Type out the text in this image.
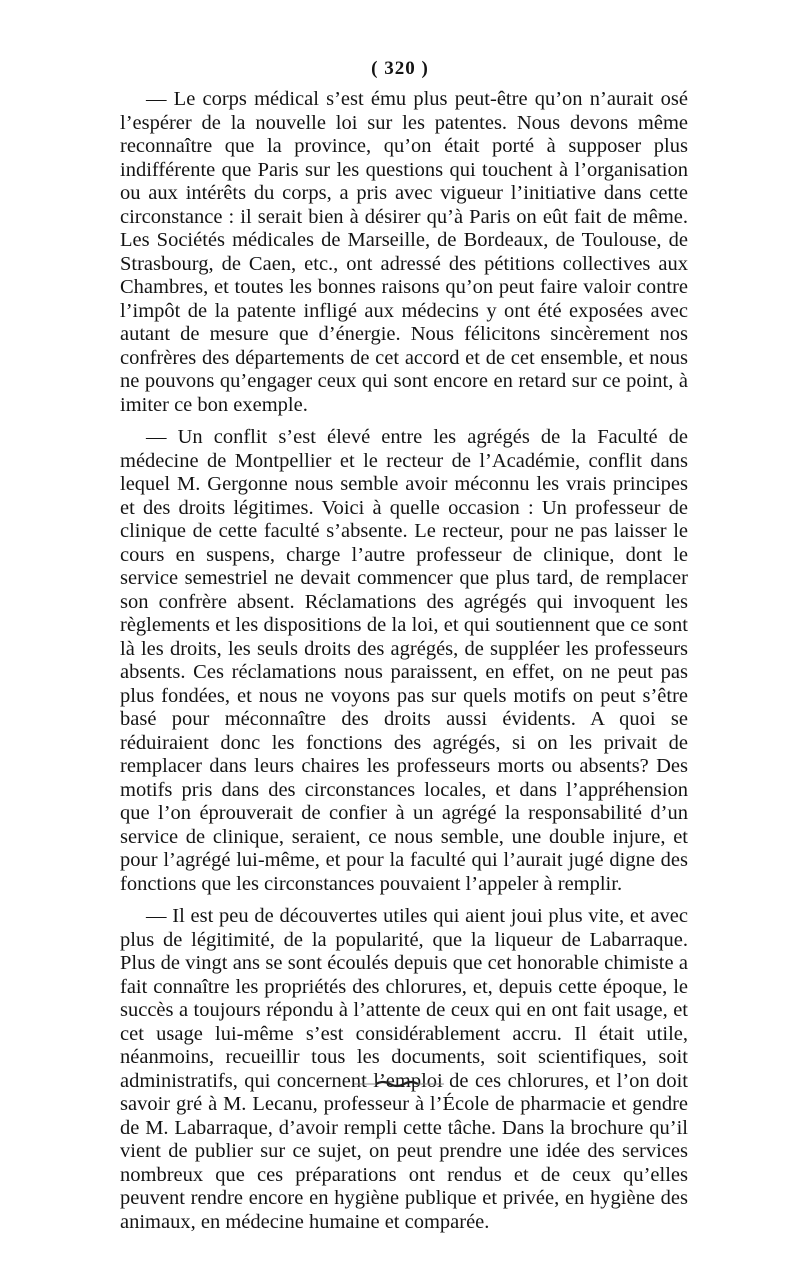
( 320 )

— Le corps médical s’est ému plus peut-être qu’on n’aurait osé l’espérer de la nouvelle loi sur les patentes. Nous devons même reconnaître que la province, qu’on était porté à supposer plus indifférente que Paris sur les questions qui touchent à l’organisation ou aux intérêts du corps, a pris avec vigueur l’initiative dans cette circonstance : il serait bien à désirer qu’à Paris on eût fait de même. Les Sociétés médicales de Marseille, de Bordeaux, de Toulouse, de Strasbourg, de Caen, etc., ont adressé des pétitions collectives aux Chambres, et toutes les bonnes raisons qu’on peut faire valoir contre l’impôt de la patente infligé aux médecins y ont été exposées avec autant de mesure que d’énergie. Nous félicitons sincèrement nos confrères des départements de cet accord et de cet ensemble, et nous ne pouvons qu’engager ceux qui sont encore en retard sur ce point, à imiter ce bon exemple.

— Un conflit s’est élevé entre les agrégés de la Faculté de médecine de Montpellier et le recteur de l’Académie, conflit dans lequel M. Gergonne nous semble avoir méconnu les vrais principes et des droits légitimes. Voici à quelle occasion : Un professeur de clinique de cette faculté s’absente. Le recteur, pour ne pas laisser le cours en suspens, charge l’autre professeur de clinique, dont le service semestriel ne devait commencer que plus tard, de remplacer son confrère absent. Réclamations des agrégés qui invoquent les règlements et les dispositions de la loi, et qui soutiennent que ce sont là les droits, les seuls droits des agrégés, de suppléer les professeurs absents. Ces réclamations nous paraissent, en effet, on ne peut pas plus fondées, et nous ne voyons pas sur quels motifs on peut s’être basé pour méconnaître des droits aussi évidents. A quoi se réduiraient donc les fonctions des agrégés, si on les privait de remplacer dans leurs chaires les professeurs morts ou absents? Des motifs pris dans des circonstances locales, et dans l’appréhension que l’on éprouverait de confier à un agrégé la responsabilité d’un service de clinique, seraient, ce nous semble, une double injure, et pour l’agrégé lui-même, et pour la faculté qui l’aurait jugé digne des fonctions que les circonstances pouvaient l’appeler à remplir.

— Il est peu de découvertes utiles qui aient joui plus vite, et avec plus de légitimité, de la popularité, que la liqueur de Labarraque. Plus de vingt ans se sont écoulés depuis que cet honorable chimiste a fait connaître les propriétés des chlorures, et, depuis cette époque, le succès a toujours répondu à l’attente de ceux qui en ont fait usage, et cet usage lui-même s’est considérablement accru. Il était utile, néanmoins, recueillir tous les documents, soit scientifiques, soit administratifs, qui concernent l’emploi de ces chlorures, et l’on doit savoir gré à M. Lecanu, professeur à l’École de pharmacie et gendre de M. Labarraque, d’avoir rempli cette tâche. Dans la brochure qu’il vient de publier sur ce sujet, on peut prendre une idée des services nombreux que ces préparations ont rendus et de ceux qu’elles peuvent rendre encore en hygiène publique et privée, en hygiène des animaux, en médecine humaine et comparée.
